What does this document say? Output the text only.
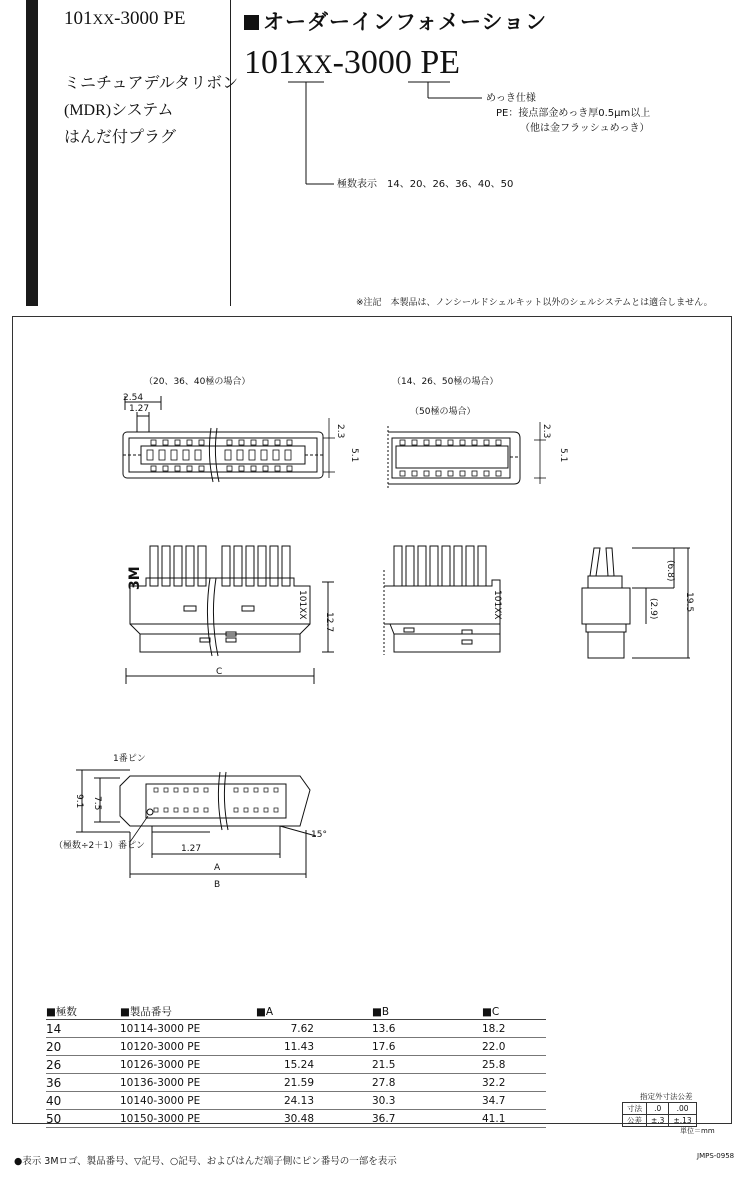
101XX-3000 PE
ミニチュアデルタリボン
(MDR)システム
はんだ付プラグ
オーダーインフォメーション
101XX-3000 PE
めっき仕様
PE：接点部金めっき厚0.5μm以上
（他は金フラッシュめっき）
極数表示　14、20、26、36、40、50
※注記　本製品は、ノンシールドシェルキット以外のシェルシステムとは適合しません。
（20、36、40極の場合）	（14、26、50極の場合）
（50極の場合）
2.54
1.27
2.3
5.1
2.3
5.1
3M
101XX
12.7
C
101XX
(6.8)
(2.9)	19.5
1番ピン
（極数÷2＋1）番ピン
9.1 7.5
1.27
A
B
15°
■極数	■製品番号	■A	■B	■C
14	10114-3000 PE	7.62	13.6	18.2
20	10120-3000 PE	11.43	17.6	22.0
26	10126-3000 PE	15.24	21.5	25.8
36	10136-3000 PE	21.59	27.8	32.2
40	10140-3000 PE	24.13	30.3	34.7
50	10150-3000 PE	30.48	36.7	41.1
指定外寸法公差
寸法	.0	.00
公差	±.3	±.13
単位＝mm
●表示 3Mロゴ、製品番号、▽記号、○記号、およびはんだ端子側にピン番号の一部を表示	JMPS-0958
